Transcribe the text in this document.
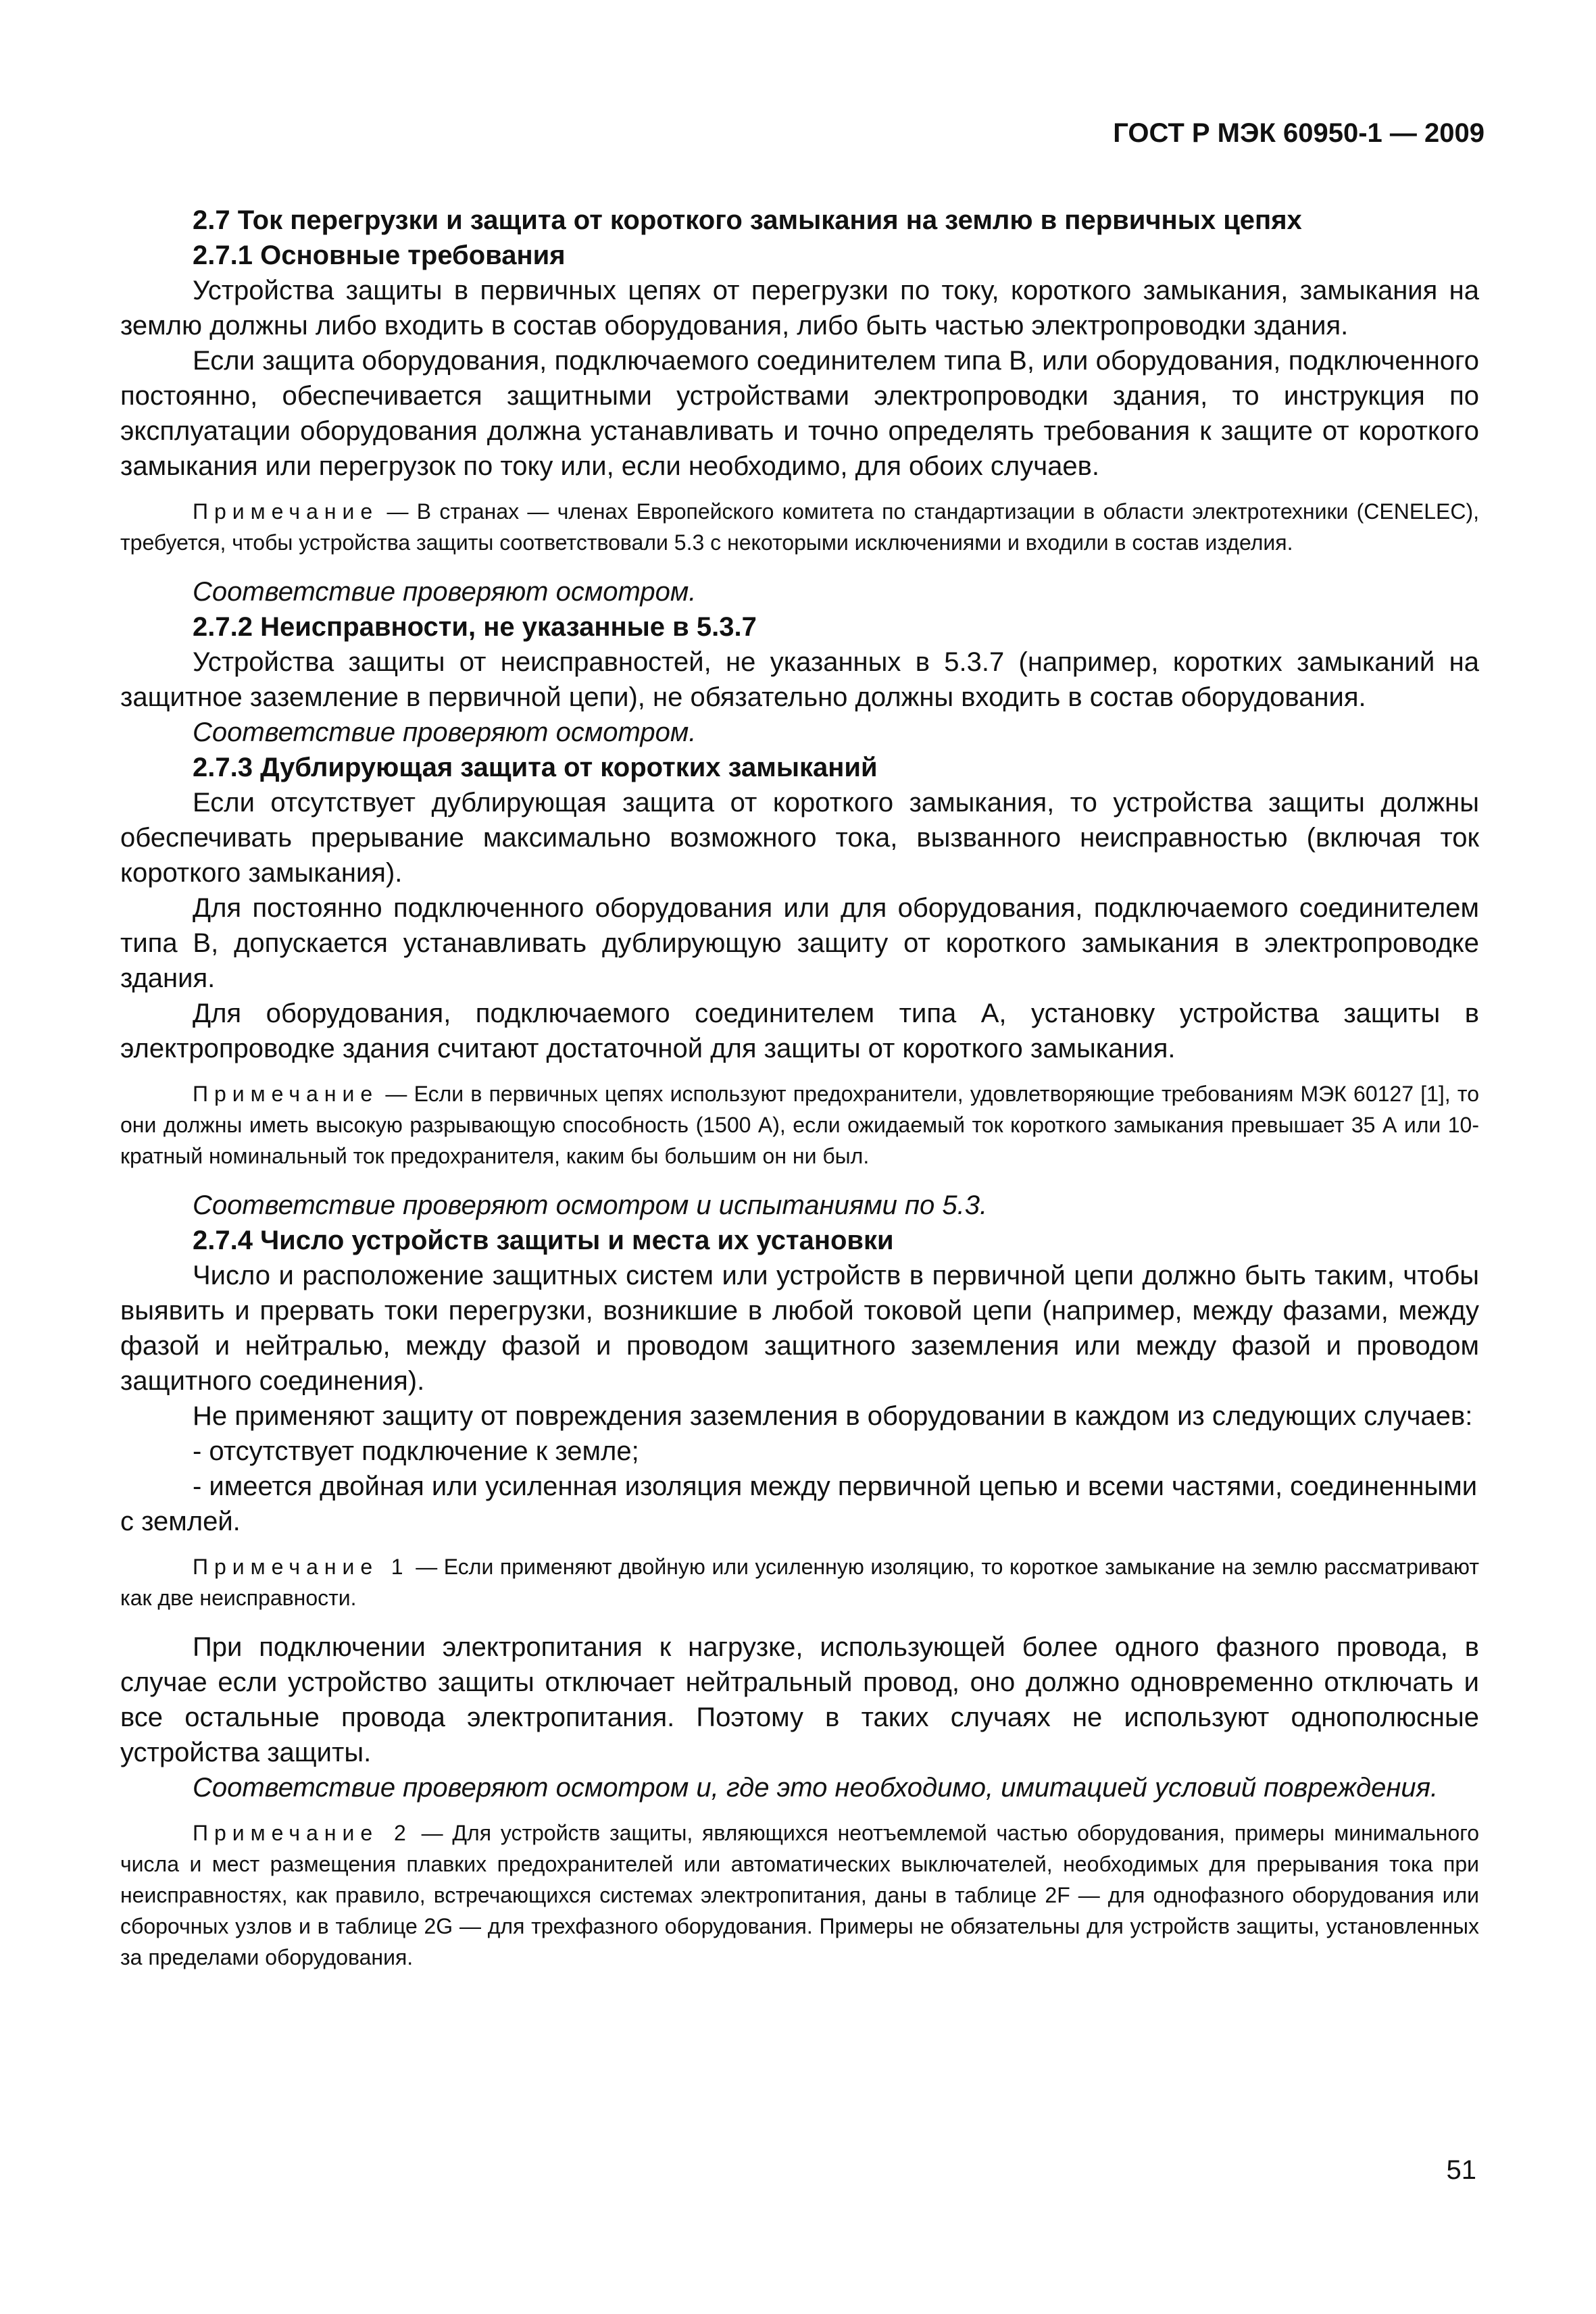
ГОСТ Р МЭК 60950-1 — 2009

2.7 Ток перегрузки и защита от короткого замыкания на землю в первичных цепях

2.7.1 Основные требования

Устройства защиты в первичных цепях от перегрузки по току, короткого замыкания, замыкания на землю должны либо входить в состав оборудования, либо быть частью электропроводки здания.

Если защита оборудования, подключаемого соединителем типа В, или оборудования, подключенного постоянно, обеспечивается защитными устройствами электропроводки здания, то инструкция по эксплуатации оборудования должна устанавливать и точно определять требования к защите от короткого замыкания или перегрузок по току или, если необходимо, для обоих случаев.

Примечание — В странах — членах Европейского комитета по стандартизации в области электротехники (CENELEC), требуется, чтобы устройства защиты соответствовали 5.3 с некоторыми исключениями и входили в состав изделия.

Соответствие проверяют осмотром.

2.7.2 Неисправности, не указанные в 5.3.7

Устройства защиты от неисправностей, не указанных в 5.3.7 (например, коротких замыканий на защитное заземление в первичной цепи), не обязательно должны входить в состав оборудования.

Соответствие проверяют осмотром.

2.7.3 Дублирующая защита от коротких замыканий

Если отсутствует дублирующая защита от короткого замыкания, то устройства защиты должны обеспечивать прерывание максимально возможного тока, вызванного неисправностью (включая ток короткого замыкания).

Для постоянно подключенного оборудования или для оборудования, подключаемого соединителем типа В, допускается устанавливать дублирующую защиту от короткого замыкания в электропроводке здания.

Для оборудования, подключаемого соединителем типа А, установку устройства защиты в электропроводке здания считают достаточной для защиты от короткого замыкания.

Примечание — Если в первичных цепях используют предохранители, удовлетворяющие требованиям МЭК 60127 [1], то они должны иметь высокую разрывающую способность (1500 А), если ожидаемый ток короткого замыкания превышает 35 А или 10-кратный номинальный ток предохранителя, каким бы большим он ни был.

Соответствие проверяют осмотром и испытаниями по 5.3.

2.7.4 Число устройств защиты и места их установки

Число и расположение защитных систем или устройств в первичной цепи должно быть таким, чтобы выявить и прервать токи перегрузки, возникшие в любой токовой цепи (например, между фазами, между фазой и нейтралью, между фазой и проводом защитного заземления или между фазой и проводом защитного соединения).

Не применяют защиту от повреждения заземления в оборудовании в каждом из следующих случаев:

- отсутствует подключение к земле;

- имеется двойная или усиленная изоляция между первичной цепью и всеми частями, соединенными с землей.

Примечание 1 — Если применяют двойную или усиленную изоляцию, то короткое замыкание на землю рассматривают как две неисправности.

При подключении электропитания к нагрузке, использующей более одного фазного провода, в случае если устройство защиты отключает нейтральный провод, оно должно одновременно отключать и все остальные провода электропитания. Поэтому в таких случаях не используют однополюсные устройства защиты.

Соответствие проверяют осмотром и, где это необходимо, имитацией условий повреждения.

Примечание 2 — Для устройств защиты, являющихся неотъемлемой частью оборудования, примеры минимального числа и мест размещения плавких предохранителей или автоматических выключателей, необходимых для прерывания тока при неисправностях, как правило, встречающихся системах электропитания, даны в таблице 2F — для однофазного оборудования или сборочных узлов и в таблице 2G — для трехфазного оборудования. Примеры не обязательны для устройств защиты, установленных за пределами оборудования.

51
